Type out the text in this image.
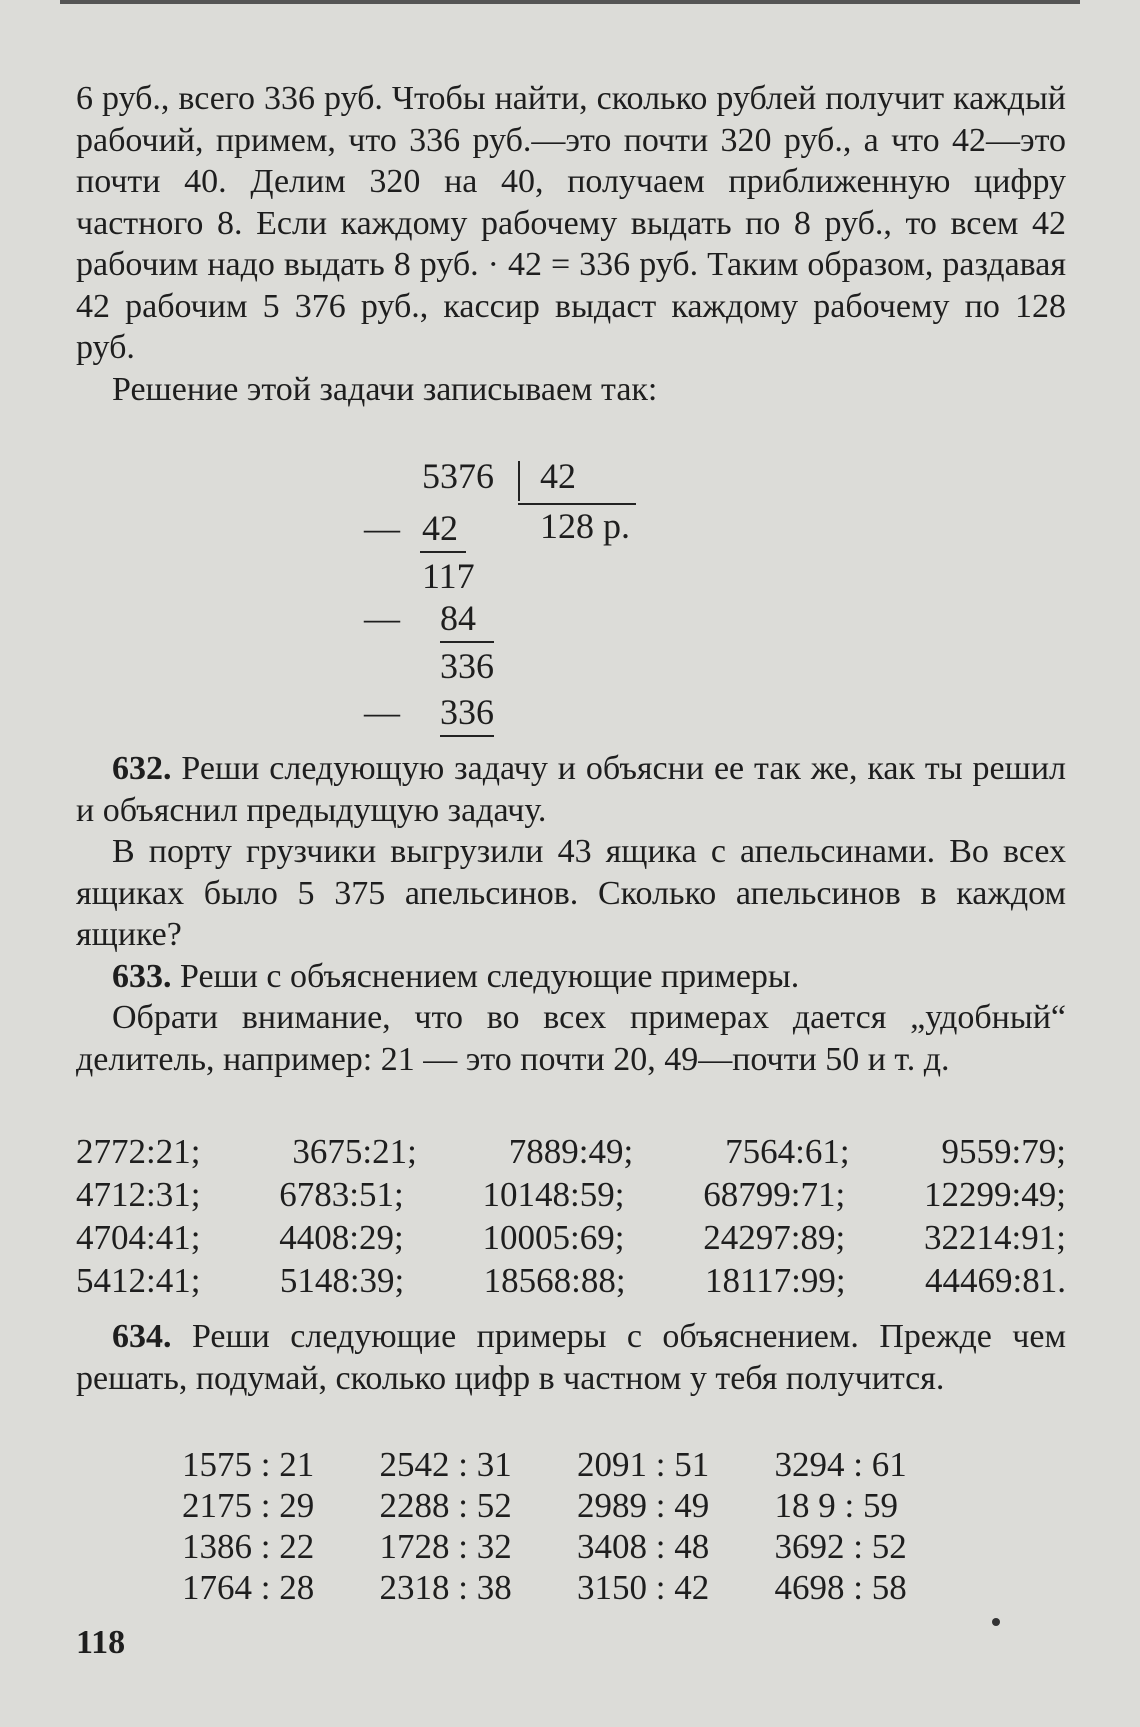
6 руб., всего 336 руб. Чтобы найти, сколько рублей получит каждый рабочий, примем, что 336 руб.—это почти 320 руб., а что 42—это почти 40. Делим 320 на 40, получаем приближенную цифру частного 8. Если каждому рабочему выдать по 8 руб., то всем 42 рабочим надо выдать 8 руб. · 42 = 336 руб. Таким образом, раздавая 42 рабочим 5 376 руб., кассир выдаст каждому рабочему по 128 руб.

Решение этой задачи записываем так:

5376 42
128 р.
— 42
117
— 84
336
— 336

632. Реши следующую задачу и объясни ее так же, как ты решил и объяснил предыдущую задачу.

В порту грузчики выгрузили 43 ящика с апельсинами. Во всех ящиках было 5 375 апельсинов. Сколько апельсинов в каждом ящике?

633. Реши с объяснением следующие примеры.

Обрати внимание, что во всех примерах дается „удобный“ делитель, например: 21 — это почти 20, 49—почти 50 и т. д.

2772:21;	3675:21;	7889:49;	7564:61;	9559:79;
4712:31; 6783:51; 10148:59; 68799:71; 12299:49;
4704:41; 4408:29; 10005:69; 24297:89; 32214:91;
5412:41; 5148:39; 18568:88; 18117:99; 44469:81.

634. Реши следующие примеры с объяснением. Прежде чем решать, подумай, сколько цифр в частном у тебя получится.

1575 : 21	2542 : 31	2091 : 51	3294 : 61
2175 : 29	2288 : 52	2989 : 49	18 9 : 59
1386 : 22	1728 : 32	3408 : 48	3692 : 52
1764 : 28	2318 : 38	3150 : 42	4698 : 58
118
